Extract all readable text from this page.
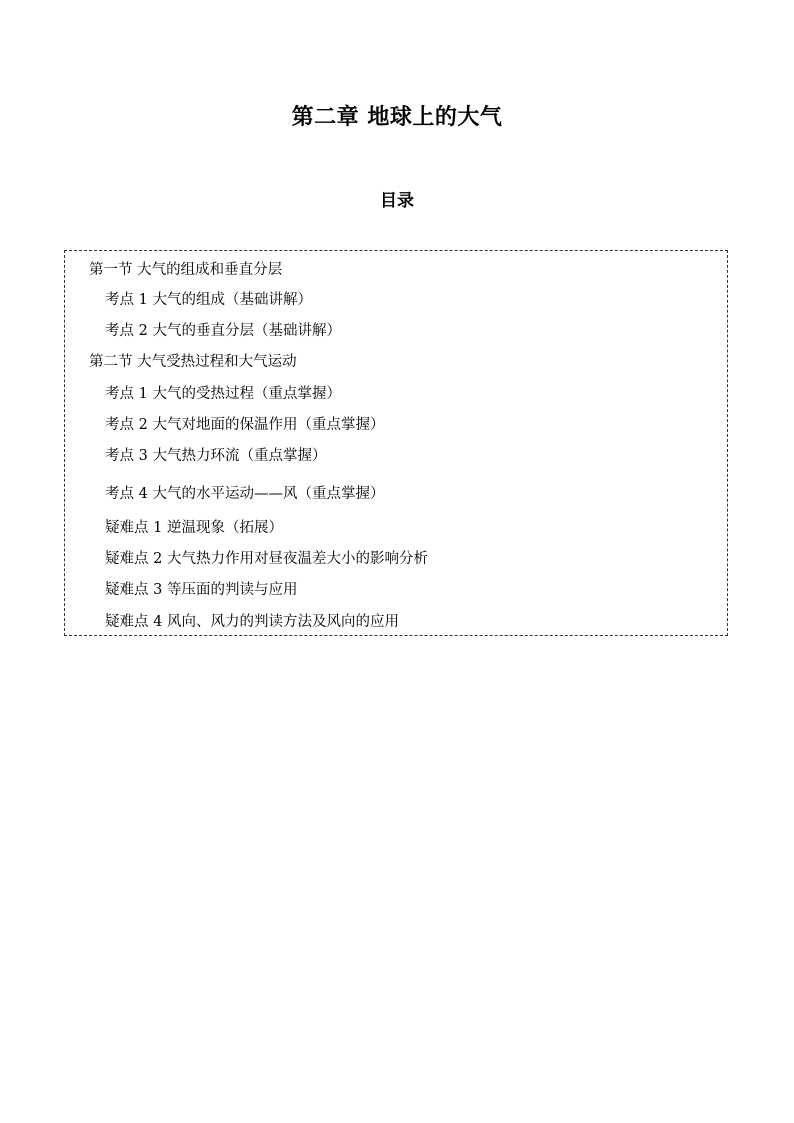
第二章 地球上的大气
目录
第一节 大气的组成和垂直分层
考点 1 大气的组成（基础讲解）
考点 2 大气的垂直分层（基础讲解）
第二节 大气受热过程和大气运动
考点 1 大气的受热过程（重点掌握）
考点 2 大气对地面的保温作用（重点掌握）
考点 3 大气热力环流（重点掌握）
考点 4 大气的水平运动——风（重点掌握）
疑难点 1 逆温现象（拓展）
疑难点 2 大气热力作用对昼夜温差大小的影响分析
疑难点 3 等压面的判读与应用
疑难点 4 风向、风力的判读方法及风向的应用
